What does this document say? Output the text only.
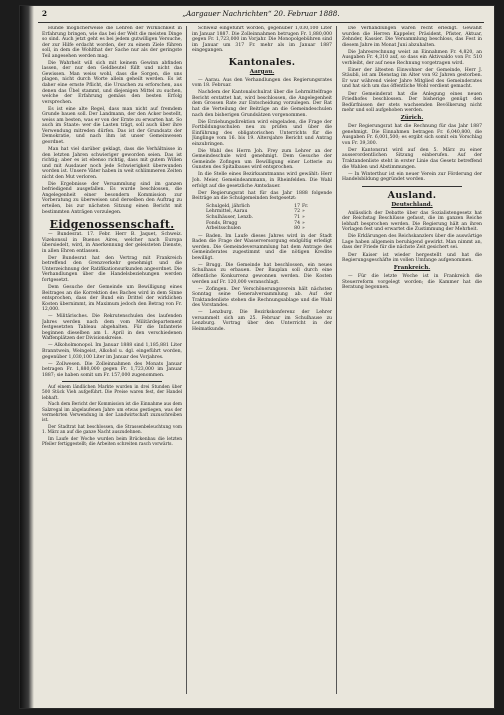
2	„Aargauer Nachrichten“ 20. Februar 1888.

Hunde möglicherweise die Lehren der Wirklichkeit in Erfahrung bringen, wie das bei der Welt die meisten Dinge so sind. Auch jetzt geht es bei jedem gutwilligen Versuche, der zur Hilfe erdacht worden, der zu einem Ziele führen soll, in dem die Wohlthat der Sache nur als der geringste Teil angesehen werden mag.

Die Wahrheit will sich mit keinem Gewinn abfinden lassen, der nur den Geldbeutel füllt und nicht das Gewissen. Man weiss wohl, dass die Sorgen, die uns plagen, nicht durch Worte allein geheilt werden. Es ist daher eine ernste Pflicht, die Ursachen zu erforschen, aus denen das Übel stammt, und diejenigen Mittel zu suchen, welche der Erfahrung gemäss den besten Erfolg versprechen.

Es ist eine alte Regel, dass man nicht auf fremdem Grunde bauen soll. Der Landmann, der den Acker bestellt, weiss am besten, was er von der Ernte zu erwarten hat. So auch im Staate: wer die Lasten trägt, soll auch über ihre Verwendung mitreden dürfen. Das ist der Grundsatz der Demokratie, und nach ihm ist unser Gemeinwesen geordnet.

Man hat viel darüber geklagt, dass die Verhältnisse in den letzten Jahren schwieriger geworden seien. Das ist richtig; aber es ist ebenso richtig, dass mit gutem Willen und mit Ausdauer noch jede Schwierigkeit überwunden worden ist. Unsere Väter haben in weit schlimmeren Zeiten nicht den Mut verloren.

Die Ergebnisse der Versammlung sind im ganzen befriedigend ausgefallen. Es wurde beschlossen, die Angelegenheit einer besondern Kommission zur Vorberatung zu überweisen und derselben den Auftrag zu erteilen, bis zur nächsten Sitzung einen Bericht mit bestimmten Anträgen vorzulegen.

Eidgenossenschaft.

— Bundesrat. 17. Febr. Herr B. Jaquet, Schweiz. Vizekonsul in Buenos Aires, welcher nach Europa übersiedelt, wird, in Anerkennung der geleisteten Dienste, in allen Ehren entlassen.

Der Bundesrat hat den Vertrag mit Frankreich betreffend den Grenzverkehr genehmigt und die Unterzeichnung der Ratifikationsurkunden angeordnet. Die Verhandlungen über die Handelsbeziehungen werden fortgesetzt.

Dem Gesuche der Gemeinde um Bewilligung eines Beitrages an die Korrektion des Baches wird in dem Sinne entsprochen, dass der Bund ein Drittel der wirklichen Kosten übernimmt, im Maximum jedoch den Betrag von Fr. 12,000.

— Militärisches. Die Rekrutenschulen des laufenden Jahres werden nach dem vom Militärdepartement festgesetzten Tableau abgehalten. Für die Infanterie beginnen dieselben am 1. April in den verschiedenen Waffenplätzen der Divisionskreise.

— Alkoholmonopol. Im Januar 1888 sind 1,185,881 Liter Branntwein, Weingeist, Alkohol u. dgl. eingeführt worden, gegenüber 1,030,100 Liter im Januar des Vorjahres.

— Zollwesen. Die Zolleinnahmen des Monats Januar betragen Fr. 1,880,000 gegen Fr. 1,723,000 im Januar 1887; sie haben somit um Fr. 157,000 zugenommen.

Auf einem ländlichen Markte wurden in drei Stunden über 500 Stück Vieh aufgeführt. Die Preise waren fest, der Handel lebhaft.

Nach dem Bericht der Kommission ist die Einnahme aus dem Salzregal im abgelaufenen Jahre um etwas gestiegen, was der vermehrten Verwendung in der Landwirtschaft zuzuschreiben ist.

Der Stadtrat hat beschlossen, die Strassenbeleuchtung vom 1. März an auf die ganze Nacht auszudehnen.

Im Laufe der Woche wurden beim Brückenbau die letzten Pfeiler fertiggestellt; die Arbeiten schreiten rasch vorwärts.

Schweiz eingeführt worden, gegenüber 1,030,100 Liter im Januar 1887. Die Zolleinnahmen betrugen Fr. 1,880,000 gegen Fr. 1,723,000 im Vorjahr. Die Monopolgebühren sind im Januar um 317 Fr. mehr als im Januar 1887 eingegangen.

Kantonales.
Aargau.

— Aarau. Aus den Verhandlungen des Regierungsrates vom 18. Februar.

Nachdem der Kantonalschulrat über die Lehrmittelfrage Bericht erstattet hat, wird beschlossen, die Angelegenheit dem Grossen Rate zur Entscheidung vorzulegen. Der Rat hat die Verteilung der Beiträge an die Gemeindeschulen nach den bisherigen Grundsätzen vorgenommen.

Die Erziehungsdirektion wird eingeladen, die Frage der Fortbildungsschulen neu zu prüfen und über die Einführung des obligatorischen Unterrichts für die Jünglinge vom 16. bis 19. Altersjahre Bericht und Antrag einzubringen.

Die Wahl des Herrn Joh. Frey zum Lehrer an der Gemeindeschule wird genehmigt. Dem Gesuche der Gemeinde Zofingen um Bewilligung einer Lotterie zu Gunsten des Spitalbaues wird entsprochen.

In die Stelle eines Bezirksamtmanns wird gewählt: Herr Joh. Meier, Gemeindeammann, in Rheinfelden. Die Wahl erfolgt auf die gesetzliche Amtsdauer.

Der Regierungsrat hat für das Jahr 1888 folgende Beiträge an die Schulgemeinden festgesetzt:

Schulgeld, jährlich	17	Fr.
Lehrmittel, Aarau	72	»
Schulhäuser, Lenzb.	71	»
Fonds, Brugg	74	»
Arbeitsschulen	80	»

— Baden. Im Laufe dieses Jahres wird in der Stadt Baden die Frage der Wasserversorgung endgültig erledigt werden. Die Gemeindeversammlung hat dem Antrage des Gemeinderates zugestimmt und die nötigen Kredite bewilligt.

— Brugg. Die Gemeinde hat beschlossen, ein neues Schulhaus zu erbauen. Der Bauplan soll durch eine öffentliche Konkurrenz gewonnen werden. Die Kosten werden auf Fr. 120,000 veranschlagt.

— Zofingen. Der Verschönerungsverein hält nächsten Sonntag seine Generalversammlung ab. Auf der Traktandenliste stehen die Rechnungsablage und die Wahl des Vorstandes.

— Lenzburg. Die Bezirkskonferenz der Lehrer versammelt sich am 25. Februar im Schulhause zu Lenzburg. Vortrag über den Unterricht in der Heimatkunde.

Die Verhandlungen waren recht erledigt. Gewählt wurden die Herren Kappeler, Präsident, Pfister, Aktuar, Zehnder, Kassier. Die Versammlung beschloss, das Fest in diesem Jahre im Monat Juni abzuhalten.

Die Jahresrechnung weist an Einnahmen Fr. 4,820, an Ausgaben Fr. 4,310 auf, so dass ein Aktivsaldo von Fr. 510 verbleibt, der auf neue Rechnung vorgetragen wird.

Einer der ältesten Einwohner der Gemeinde, Herr J. Stäubli, ist am Dienstag im Alter von 92 Jahren gestorben. Er war während vieler Jahre Mitglied des Gemeinderates und hat sich um das öffentliche Wohl verdient gemacht.

Der Gemeinderat hat die Anlegung eines neuen Friedhofes beschlossen. Der bisherige genügt den Bedürfnissen der stets wachsenden Bevölkerung nicht mehr und soll aufgehoben werden.

Zürich.

Der Regierungsrat hat die Rechnung für das Jahr 1887 genehmigt. Die Einnahmen betragen Fr. 6,040,800, die Ausgaben Fr. 6,001,500; es ergibt sich somit ein Vorschlag von Fr. 39,300.

Der Kantonsrat wird auf den 5. März zu einer ausserordentlichen Sitzung einberufen. Auf der Traktandenliste steht in erster Linie das Gesetz betreffend die Wahlen und Abstimmungen.

— In Winterthur ist ein neuer Verein zur Förderung der Handelsbildung gegründet worden.

Ausland.
Deutschland.

Anlässlich der Debatte über das Sozialistengesetz hat der Reichstag Beschlüsse gefasst, die im ganzen Reiche lebhaft besprochen werden. Die Regierung hält an ihren Vorlagen fest und erwartet die Zustimmung der Mehrheit.

Die Erklärungen des Reichskanzlers über die auswärtige Lage haben allgemein beruhigend gewirkt. Man nimmt an, dass der Friede für die nächste Zeit gesichert sei.

Der Kaiser ist wieder hergestellt und hat die Regierungsgeschäfte im vollen Umfange aufgenommen.

Frankreich.

— Für die letzte Woche ist in Frankreich die Steuerreform vorgelegt worden; die Kammer hat die Beratung begonnen.
